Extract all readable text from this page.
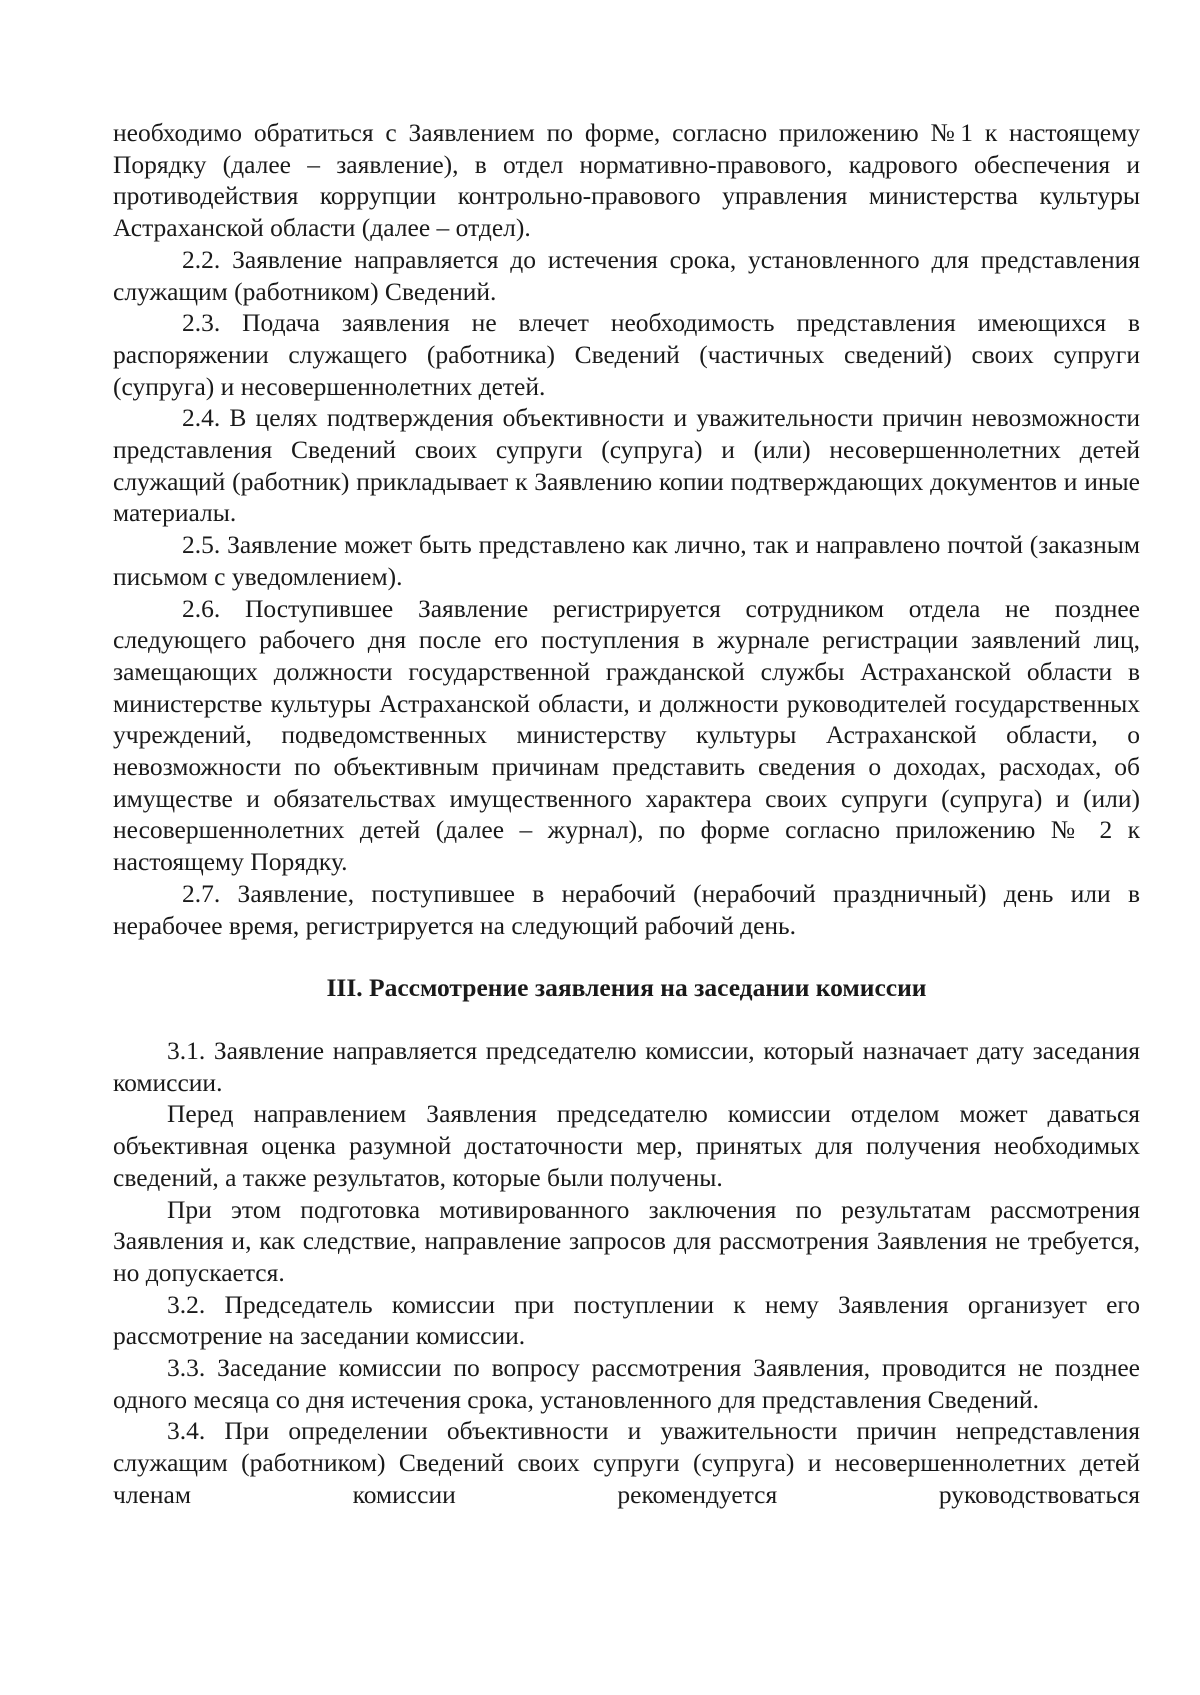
необходимо обратиться с Заявлением по форме, согласно приложению №1 к настоящему Порядку (далее – заявление), в отдел нормативно-правового, кадрового обеспечения и противодействия коррупции контрольно-правового управления министерства культуры Астраханской области (далее – отдел).

2.2. Заявление направляется до истечения срока, установленного для представления служащим (работником) Сведений.

2.3. Подача заявления не влечет необходимость представления имеющихся в распоряжении служащего (работника) Сведений (частичных сведений) своих супруги (супруга) и несовершеннолетних детей.

2.4. В целях подтверждения объективности и уважительности причин невозможности представления Сведений своих супруги (супруга) и (или) несовершеннолетних детей служащий (работник) прикладывает к Заявлению копии подтверждающих документов и иные материалы.

2.5. Заявление может быть представлено как лично, так и направлено почтой (заказным письмом с уведомлением).

2.6. Поступившее Заявление регистрируется сотрудником отдела не позднее следующего рабочего дня после его поступления в журнале регистрации заявлений лиц, замещающих должности государственной гражданской службы Астраханской области в министерстве культуры Астраханской области, и должности руководителей государственных учреждений, подведомственных министерству культуры Астраханской области, о невозможности по объективным причинам представить сведения о доходах, расходах, об имуществе и обязательствах имущественного характера своих супруги (супруга) и (или) несовершеннолетних детей (далее – журнал), по форме согласно приложению № 2 к настоящему Порядку.

2.7. Заявление, поступившее в нерабочий (нерабочий праздничный) день или в нерабочее время, регистрируется на следующий рабочий день.

III. Рассмотрение заявления на заседании комиссии

3.1. Заявление направляется председателю комиссии, который назначает дату заседания комиссии.

Перед направлением Заявления председателю комиссии отделом может даваться объективная оценка разумной достаточности мер, принятых для получения необходимых сведений, а также результатов, которые были получены.

При этом подготовка мотивированного заключения по результатам рассмотрения Заявления и, как следствие, направление запросов для рассмотрения Заявления не требуется, но допускается.

3.2. Председатель комиссии при поступлении к нему Заявления организует его рассмотрение на заседании комиссии.

3.3. Заседание комиссии по вопросу рассмотрения Заявления, проводится не позднее одного месяца со дня истечения срока, установленного для представления Сведений.

3.4. При определении объективности и уважительности причин непредставления служащим (работником) Сведений своих супруги (супруга) и несовершеннолетних детей членам комиссии рекомендуется руководствоваться
